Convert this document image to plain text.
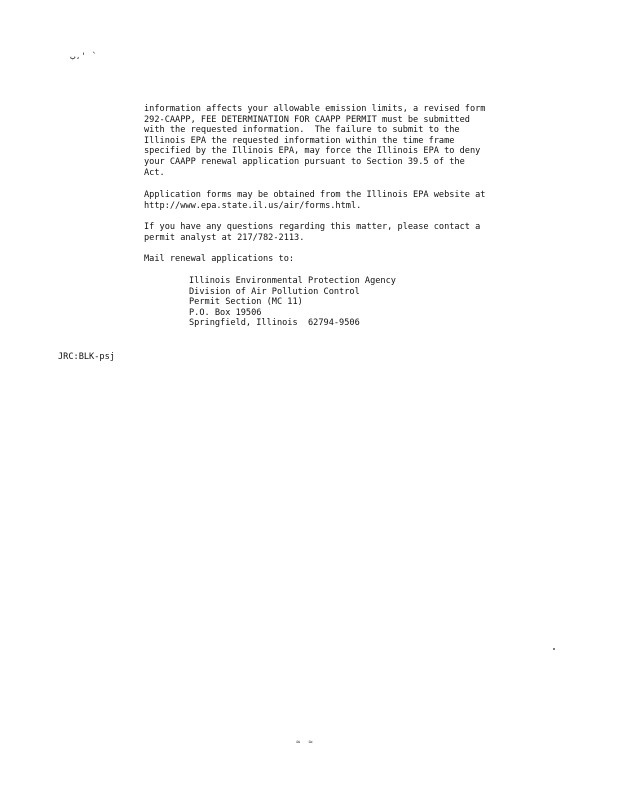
ب،' `

information affects your allowable emission limits, a revised form
292-CAAPP, FEE DETERMINATION FOR CAAPP PERMIT must be submitted
with the requested information.  The failure to submit to the
Illinois EPA the requested information within the time frame
specified by the Illinois EPA, may force the Illinois EPA to deny
your CAAPP renewal application pursuant to Section 39.5 of the
Act.

Application forms may be obtained from the Illinois EPA website at
http://www.epa.state.il.us/air/forms.html.

If you have any questions regarding this matter, please contact a
permit analyst at 217/782-2113.

Mail renewal applications to:

Illinois Environmental Protection Agency
Division of Air Pollution Control
Permit Section (MC 11)
P.O. Box 19506
Springfield, Illinois  62794-9506
JRC:BLK-psj
≈ ≈
